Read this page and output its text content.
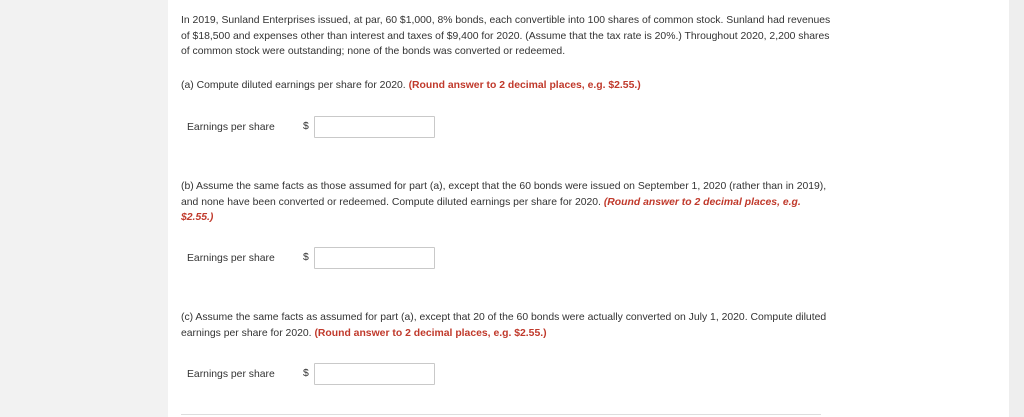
In 2019, Sunland Enterprises issued, at par, 60 $1,000, 8% bonds, each convertible into 100 shares of common stock. Sunland had revenues of $18,500 and expenses other than interest and taxes of $9,400 for 2020. (Assume that the tax rate is 20%.) Throughout 2020, 2,200 shares of common stock were outstanding; none of the bonds was converted or redeemed.

(a) Compute diluted earnings per share for 2020. (Round answer to 2 decimal places, e.g. $2.55.)

Earnings per share	$

(b) Assume the same facts as those assumed for part (a), except that the 60 bonds were issued on September 1, 2020 (rather than in 2019), and none have been converted or redeemed. Compute diluted earnings per share for 2020. (Round answer to 2 decimal places, e.g. $2.55.)

Earnings per share	$

(c) Assume the same facts as assumed for part (a), except that 20 of the 60 bonds were actually converted on July 1, 2020. Compute diluted earnings per share for 2020. (Round answer to 2 decimal places, e.g. $2.55.)

Earnings per share	$
